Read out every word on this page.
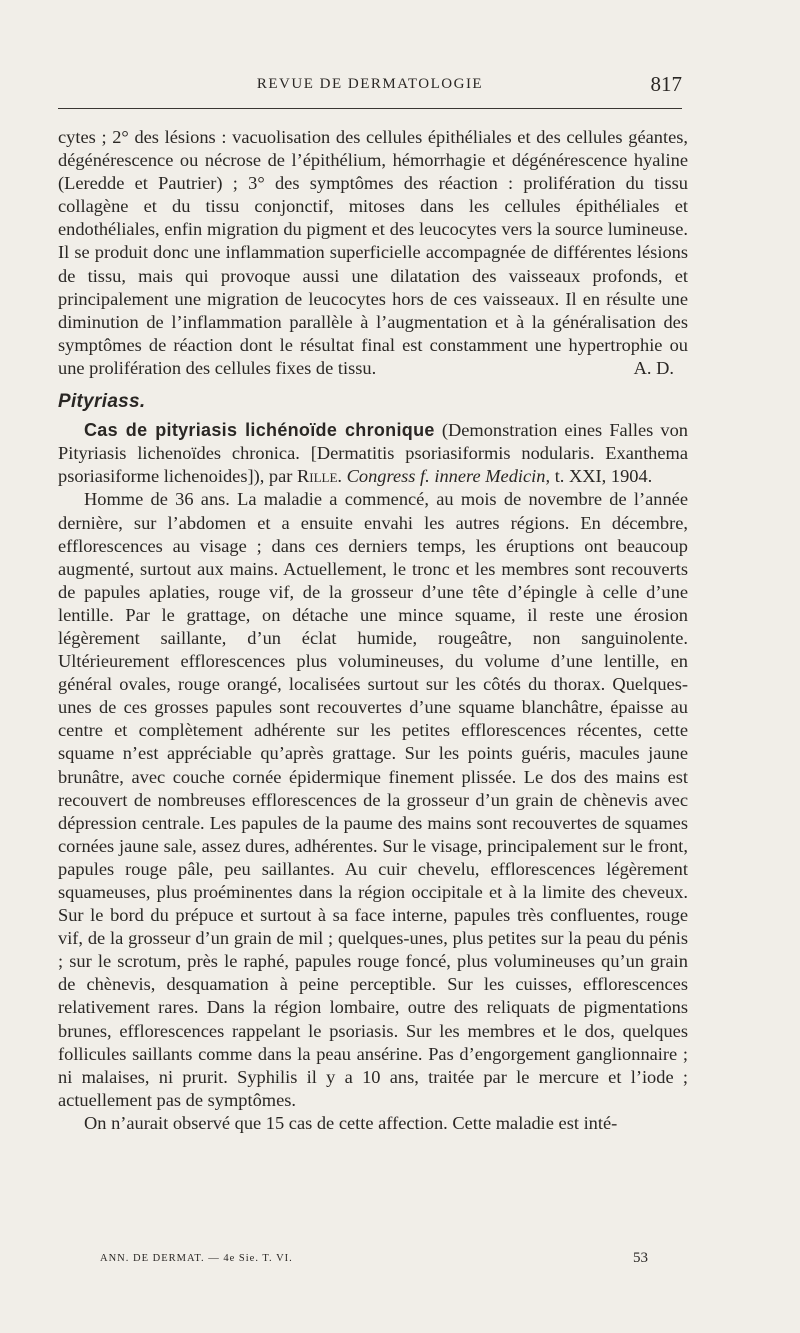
REVUE DE DERMATOLOGIE	817

cytes ; 2° des lésions : vacuolisation des cellules épithéliales et des cellules géantes, dégénérescence ou nécrose de l’épithélium, hémorrhagie et dégénérescence hyaline (Leredde et Pautrier) ; 3° des symptômes des réaction : prolifération du tissu collagène et du tissu conjonctif, mitoses dans les cellules épithéliales et endothéliales, enfin migration du pigment et des leucocytes vers la source lumineuse. Il se produit donc une inflammation superficielle accompagnée de différentes lésions de tissu, mais qui provoque aussi une dilatation des vaisseaux profonds, et principalement une migration de leucocytes hors de ces vaisseaux. Il en résulte une diminution de l’inflammation parallèle à l’augmentation et à la généralisation des symptômes de réaction dont le résultat final est constamment une hypertrophie ou une prolifération des cellules fixes de tissu.	A. D.

Pityriass.

Cas de pityriasis lichénoïde chronique (Demonstration eines Falles von Pityriasis lichenoïdes chronica. [Dermatitis psoriasiformis nodularis. Exanthema psoriasiforme lichenoides]), par Rille. Congress f. innere Medicin, t. XXI, 1904.

Homme de 36 ans. La maladie a commencé, au mois de novembre de l’année dernière, sur l’abdomen et a ensuite envahi les autres régions. En décembre, efflorescences au visage ; dans ces derniers temps, les éruptions ont beaucoup augmenté, surtout aux mains. Actuellement, le tronc et les membres sont recouverts de papules aplaties, rouge vif, de la grosseur d’une tête d’épingle à celle d’une lentille. Par le grattage, on détache une mince squame, il reste une érosion légèrement saillante, d’un éclat humide, rougeâtre, non sanguinolente. Ultérieurement efflorescences plus volumineuses, du volume d’une lentille, en général ovales, rouge orangé, localisées surtout sur les côtés du thorax. Quelques-unes de ces grosses papules sont recouvertes d’une squame blanchâtre, épaisse au centre et complètement adhérente sur les petites efflorescences récentes, cette squame n’est appréciable qu’après grattage. Sur les points guéris, macules jaune brunâtre, avec couche cornée épidermique finement plissée. Le dos des mains est recouvert de nombreuses efflorescences de la grosseur d’un grain de chènevis avec dépression centrale. Les papules de la paume des mains sont recouvertes de squames cornées jaune sale, assez dures, adhérentes. Sur le visage, principalement sur le front, papules rouge pâle, peu saillantes. Au cuir chevelu, efflorescences légèrement squameuses, plus proéminentes dans la région occipitale et à la limite des cheveux. Sur le bord du prépuce et surtout à sa face interne, papules très confluentes, rouge vif, de la grosseur d’un grain de mil ; quelques-unes, plus petites sur la peau du pénis ; sur le scrotum, près le raphé, papules rouge foncé, plus volumineuses qu’un grain de chènevis, desquamation à peine perceptible. Sur les cuisses, efflorescences relativement rares. Dans la région lombaire, outre des reliquats de pigmentations brunes, efflorescences rappelant le psoriasis. Sur les membres et le dos, quelques follicules saillants comme dans la peau ansérine. Pas d’engorgement ganglionnaire ; ni malaises, ni prurit. Syphilis il y a 10 ans, traitée par le mercure et l’iode ; actuellement pas de symptômes.

On n’aurait observé que 15 cas de cette affection. Cette maladie est inté-

ANN. DE DERMAT. — 4e Sie. T. VI.	53
